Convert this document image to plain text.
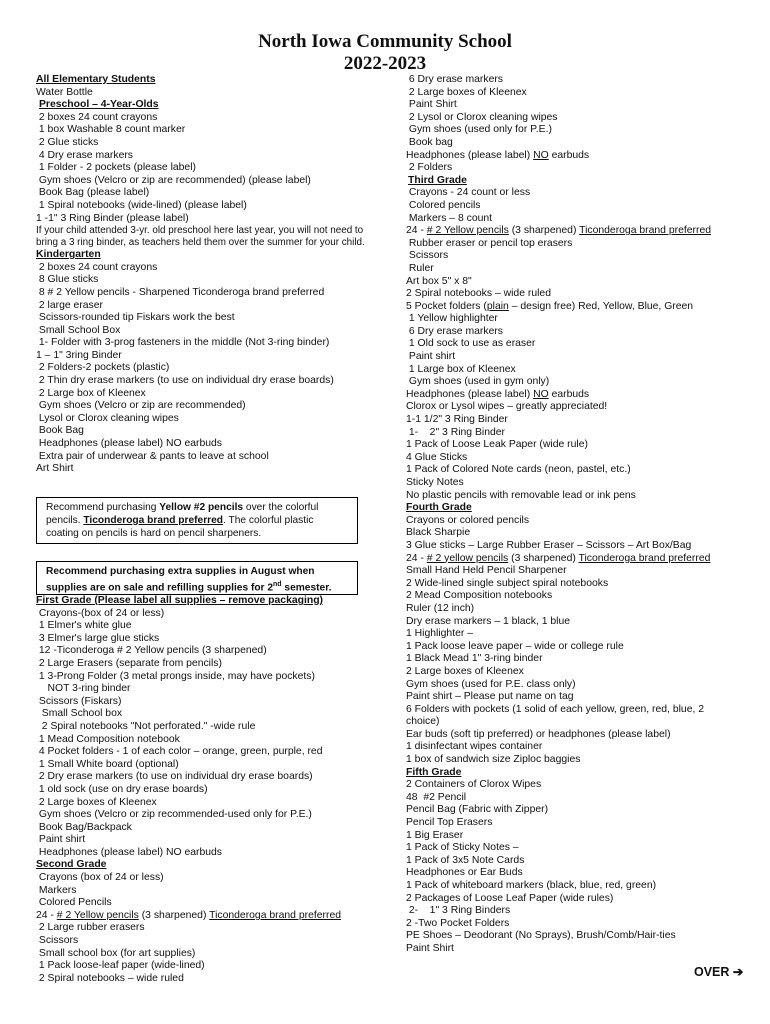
North Iowa Community School
2022-2023
All Elementary Students
Water Bottle
Preschool – 4-Year-Olds
2 boxes 24 count crayons
1 box Washable 8 count marker
2 Glue sticks
4 Dry erase markers
1 Folder - 2 pockets (please label)
Gym shoes (Velcro or zip are recommended) (please label)
Book Bag (please label)
1 Spiral notebooks (wide-lined) (please label)
1 -1" 3 Ring Binder (please label)
If your child attended 3-yr. old preschool here last year, you will not need to bring a 3 ring binder, as teachers held them over the summer for your child.
Kindergarten
2 boxes 24 count crayons
8 Glue sticks
8 # 2 Yellow pencils - Sharpened Ticonderoga brand preferred
2 large eraser
Scissors-rounded tip Fiskars work the best
Small School Box
1- Folder with 3-prog fasteners in the middle (Not 3-ring binder)
1 – 1" 3ring Binder
2 Folders-2 pockets (plastic)
2 Thin dry erase markers (to use on individual dry erase boards)
2 Large box of Kleenex
Gym shoes (Velcro or zip are recommended)
Lysol or Clorox cleaning wipes
Book Bag
Headphones (please label) NO earbuds
Extra pair of underwear & pants to leave at school
Art Shirt
Recommend purchasing Yellow #2 pencils over the colorful pencils. Ticonderoga brand preferred. The colorful plastic coating on pencils is hard on pencil sharpeners.
Recommend purchasing extra supplies in August when
supplies are on sale and refilling supplies for 2nd semester.
First Grade (Please label all supplies – remove packaging)
Crayons-(box of 24 or less)
1 Elmer's white glue
3 Elmer's large glue sticks
12 -Ticonderoga # 2 Yellow pencils (3 sharpened)
2 Large Erasers (separate from pencils)
1 3-Prong Folder (3 metal prongs inside, may have pockets)
NOT 3-ring binder
Scissors (Fiskars)
Small School box
2 Spiral notebooks "Not perforated." -wide rule
1 Mead Composition notebook
4 Pocket folders - 1 of each color – orange, green, purple, red
1 Small White board (optional)
2 Dry erase markers (to use on individual dry erase boards)
1 old sock (use on dry erase boards)
2 Large boxes of Kleenex
Gym shoes (Velcro or zip recommended-used only for P.E.)
Book Bag/Backpack
Paint shirt
Headphones (please label) NO earbuds
Second Grade
Crayons (box of 24 or less)
Markers
Colored Pencils
24 - # 2 Yellow pencils (3 sharpened) Ticonderoga brand preferred
2 Large rubber erasers
Scissors
Small school box (for art supplies)
1 Pack loose-leaf paper (wide-lined)
2 Spiral notebooks – wide ruled
6 Dry erase markers
2 Large boxes of Kleenex
Paint Shirt
2 Lysol or Clorox cleaning wipes
Gym shoes (used only for P.E.)
Book bag
Headphones (please label) NO earbuds
2 Folders
Third Grade
Crayons - 24 count or less
Colored pencils
Markers – 8 count
24 - # 2 Yellow pencils (3 sharpened) Ticonderoga brand preferred
Rubber eraser or pencil top erasers
Scissors
Ruler
Art box 5" x 8"
2 Spiral notebooks – wide ruled
5 Pocket folders (plain – design free) Red, Yellow, Blue, Green
1 Yellow highlighter
6 Dry erase markers
1 Old sock to use as eraser
Paint shirt
1 Large box of Kleenex
Gym shoes (used in gym only)
Headphones (please label) NO earbuds
Clorox or Lysol wipes – greatly appreciated!
1-1 1/2" 3 Ring Binder
1-    2" 3 Ring Binder
1 Pack of Loose Leak Paper (wide rule)
4 Glue Sticks
1 Pack of Colored Note cards (neon, pastel, etc.)
Sticky Notes
No plastic pencils with removable lead or ink pens
Fourth Grade
Crayons or colored pencils
Black Sharpie
3 Glue sticks – Large Rubber Eraser – Scissors – Art Box/Bag
24 - # 2 yellow pencils (3 sharpened) Ticonderoga brand preferred
Small Hand Held Pencil Sharpener
2 Wide-lined single subject spiral notebooks
2 Mead Composition notebooks
Ruler (12 inch)
Dry erase markers – 1 black, 1 blue
1 Highlighter –
1 Pack loose leave paper – wide or college rule
1 Black Mead 1" 3-ring binder
2 Large boxes of Kleenex
Gym shoes (used for P.E. class only)
Paint shirt – Please put name on tag
6 Folders with pockets (1 solid of each yellow, green, red, blue, 2
choice)
Ear buds (soft tip preferred) or headphones (please label)
1 disinfectant wipes container
1 box of sandwich size Ziploc baggies
Fifth Grade
2 Containers of Clorox Wipes
48  #2 Pencil
Pencil Bag (Fabric with Zipper)
Pencil Top Erasers
1 Big Eraser
1 Pack of Sticky Notes –
1 Pack of 3x5 Note Cards
Headphones or Ear Buds
1 Pack of whiteboard markers (black, blue, red, green)
2 Packages of Loose Leaf Paper (wide rules)
2-    1" 3 Ring Binders
2 -Two Pocket Folders
PE Shoes – Deodorant (No Sprays), Brush/Comb/Hair-ties
Paint Shirt
OVER ➔
